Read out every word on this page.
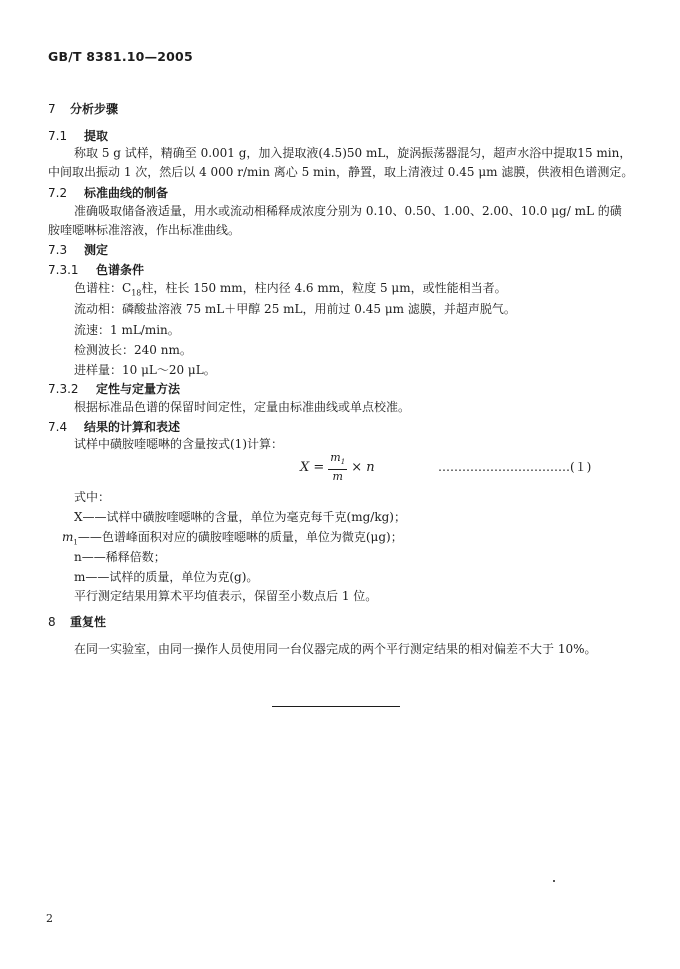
GB/T 8381.10—2005
7 分析步骤
7.1 提取
称取 5 g 试样，精确至 0.001 g，加入提取液(4.5)50 mL，旋涡振荡器混匀，超声水浴中提取15 min，
中间取出振动 1 次，然后以 4 000 r/min 离心 5 min，静置，取上清液过 0.45 μm 滤膜，供液相色谱测定。
7.2 标准曲线的制备
准确吸取储备液适量，用水或流动相稀释成浓度分别为 0.10、0.50、1.00、2.00、10.0 μg/ mL 的磺
胺喹噁啉标准溶液，作出标准曲线。
7.3 测定
7.3.1 色谱条件
色谱柱：$C_{18}$柱，柱长 150 mm，柱内径 4.6 mm，粒度 5 μm，或性能相当者。
流动相：磷酸盐溶液 75 mL＋甲醇 25 mL，用前过 0.45 μm 滤膜，并超声脱气。
流速：1 mL/min。
检测波长：240 nm。
进样量：10 μL～20 μL。
7.3.2 定性与定量方法
根据标准品色谱的保留时间定性，定量由标准曲线或单点校准。
7.4 结果的计算和表述
试样中磺胺喹噁啉的含量按式(1)计算：
$X = \frac{m_1}{m} \times n$	……………………………(１)
式中：
X——试样中磺胺喹噁啉的含量，单位为毫克每千克(mg/kg)；
$m_1——$色谱峰面积对应的磺胺喹噁啉的质量，单位为微克(μg)；
n——稀释倍数；
m——试样的质量，单位为克(g)。
平行测定结果用算术平均值表示，保留至小数点后 1 位。
8 重复性
在同一实验室，由同一操作人员使用同一台仪器完成的两个平行测定结果的相对偏差不大于 10%。
2
